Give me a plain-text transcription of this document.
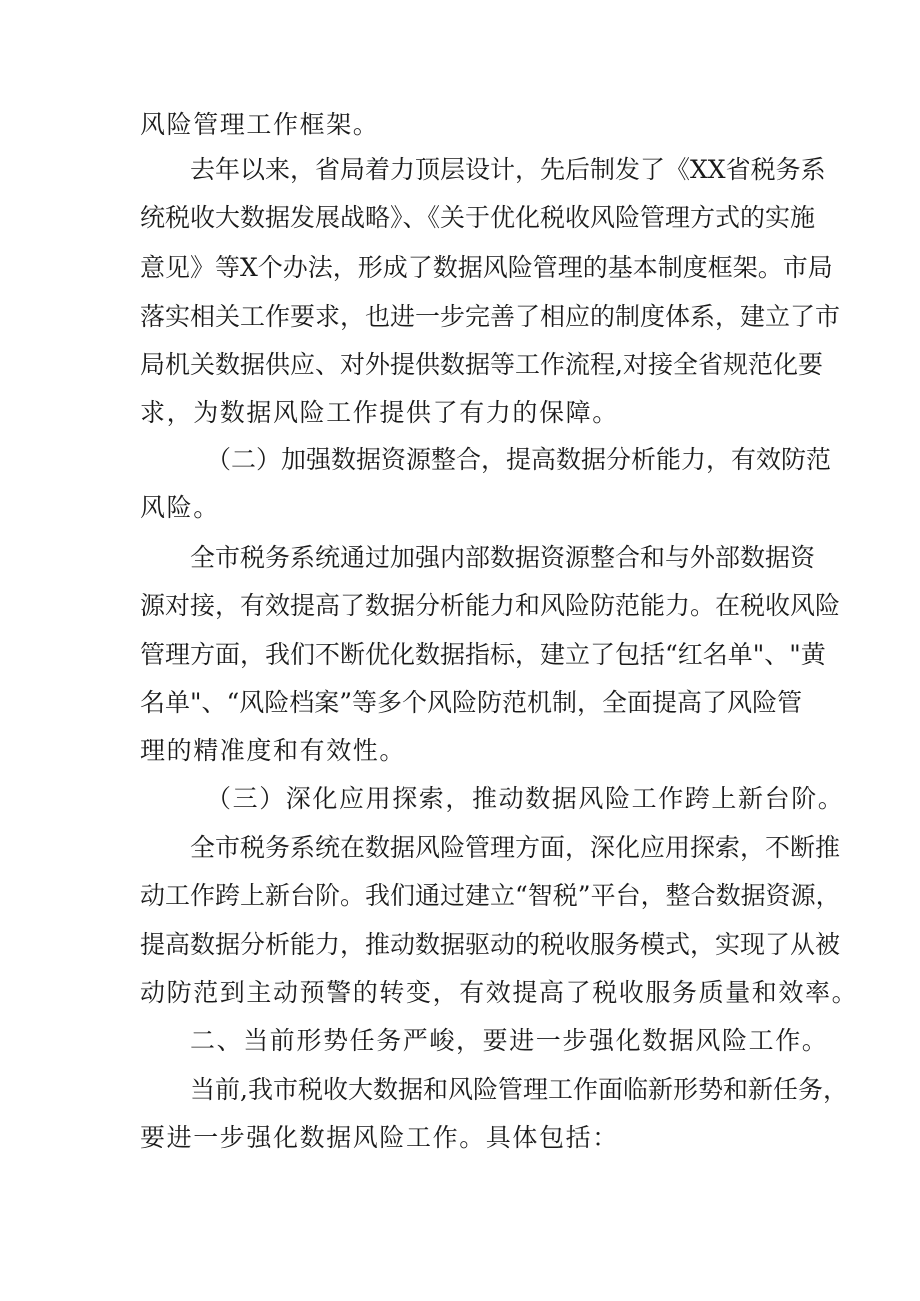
风险管理工作框架。
去年以来，省局着力顶层设计，先后制发了《XX省税务系
统税收大数据发展战略》、《关于优化税收风险管理方式的实施
意见》等X个办法，形成了数据风险管理的基本制度框架。市局
落实相关工作要求，也进一步完善了相应的制度体系，建立了市
局机关数据供应、对外提供数据等工作流程,对接全省规范化要
求，为数据风险工作提供了有力的保障。
（二）加强数据资源整合，提高数据分析能力，有效防范
风险。
全市税务系统通过加强内部数据资源整合和与外部数据资
源对接，有效提高了数据分析能力和风险防范能力。在税收风险
管理方面，我们不断优化数据指标，建立了包括“红名单"、"黄
名单"、“风险档案”等多个风险防范机制，全面提高了风险管
理的精准度和有效性。
（三）深化应用探索，推动数据风险工作跨上新台阶。
全市税务系统在数据风险管理方面，深化应用探索，不断推
动工作跨上新台阶。我们通过建立“智税”平台，整合数据资源，
提高数据分析能力，推动数据驱动的税收服务模式，实现了从被
动防范到主动预警的转变，有效提高了税收服务质量和效率。
二、当前形势任务严峻，要进一步强化数据风险工作。
当前,我市税收大数据和风险管理工作面临新形势和新任务，
要进一步强化数据风险工作。具体包括：
